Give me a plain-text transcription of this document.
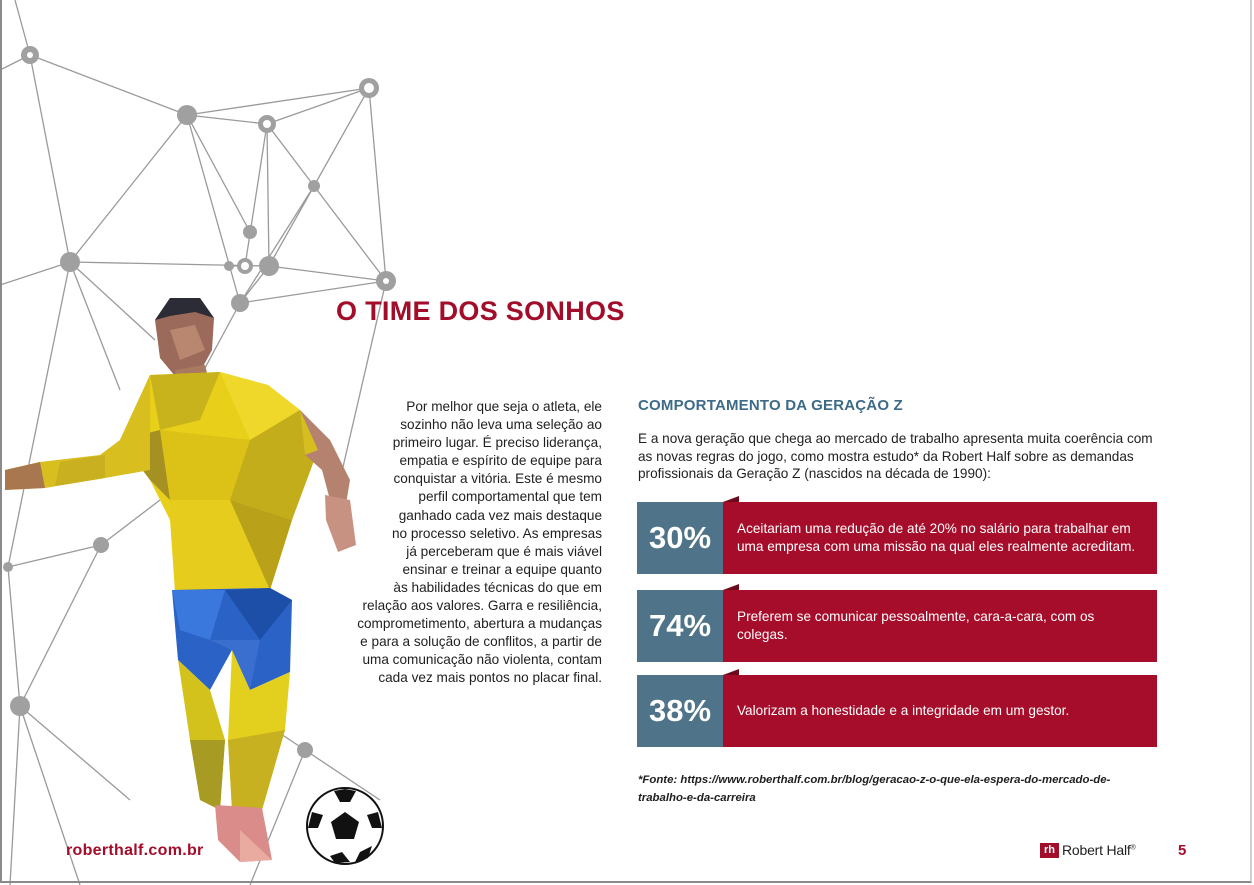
O TIME DOS SONHOS
Por melhor que seja o atleta, ele
sozinho não leva uma seleção ao
primeiro lugar. É preciso liderança,
empatia e espírito de equipe para
conquistar a vitória. Este é mesmo
perfil comportamental que tem
ganhado cada vez mais destaque
no processo seletivo. As empresas
já perceberam que é mais viável
ensinar e treinar a equipe quanto
às habilidades técnicas do que em
relação aos valores. Garra e resiliência,
comprometimento, abertura a mudanças
e para a solução de conflitos, a partir de
uma comunicação não violenta, contam
cada vez mais pontos no placar final.
COMPORTAMENTO DA GERAÇÃO Z
E a nova geração que chega ao mercado de trabalho apresenta muita coerência com as novas regras do jogo, como mostra estudo* da Robert Half sobre as demandas profissionais da Geração Z (nascidos na década de 1990):
30%	Aceitariam uma redução de até 20% no salário para trabalhar em uma empresa com uma missão na qual eles realmente acreditam.
74%	Preferem se comunicar pessoalmente, cara-a-cara, com os colegas.
38%	Valorizam a honestidade e a integridade em um gestor.
*Fonte: https://www.roberthalf.com.br/blog/geracao-z-o-que-ela-espera-do-mercado-de-trabalho-e-da-carreira
roberthalf.com.br	rh Robert Half®	5
